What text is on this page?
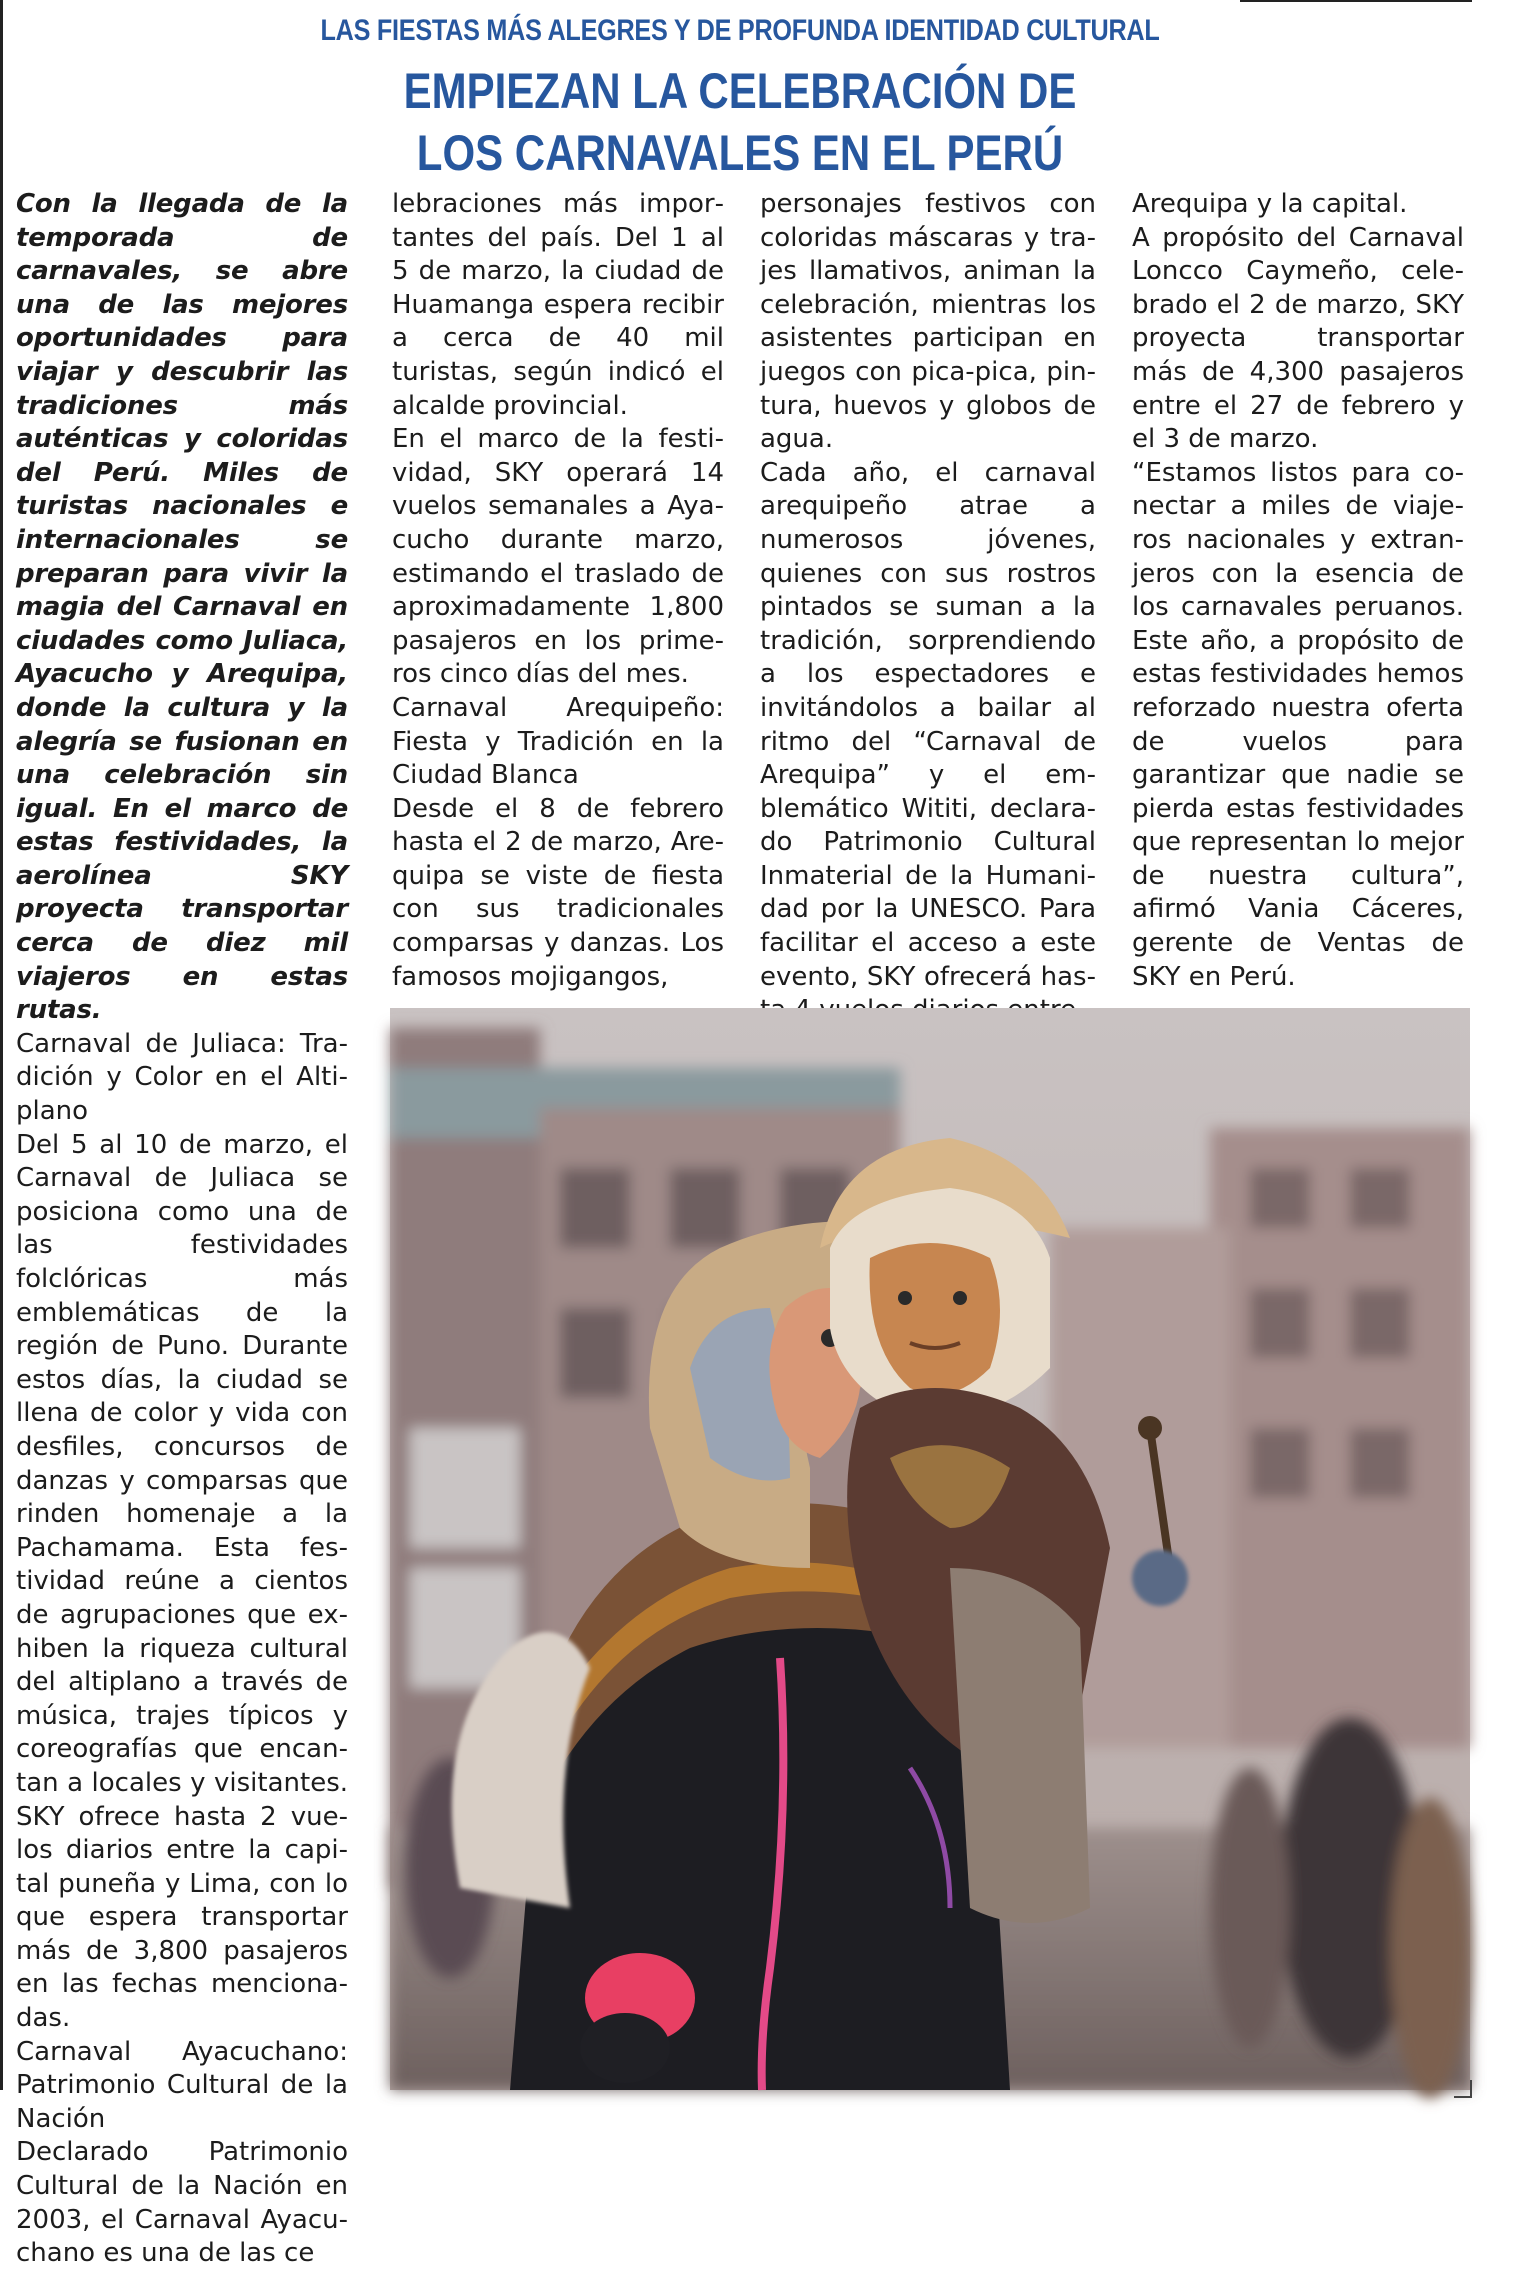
LAS FIESTAS MÁS ALEGRES Y DE PROFUNDA IDENTIDAD CULTURAL
EMPIEZAN LA CELEBRACIÓN DE
LOS CARNAVALES EN EL PERÚ

Con la llegada de la temporada de carnavales, se abre una de las mejores oportunidades para viajar y descubrir las tradiciones más auténticas y coloridas del Perú. Miles de turistas nacionales e internacionales se preparan para vivir la magia del Carnaval en ciudades como Juliaca, Ayacucho y Arequipa, donde la cultura y la alegría se fusionan en una celebración sin igual. En el marco de estas festividades, la aerolínea SKY proyecta transportar cerca de diez mil viajeros en estas rutas.

Carnaval de Juliaca: Tradición y Color en el Altiplano

Del 5 al 10 de marzo, el Carnaval de Juliaca se posiciona como una de las festividades folclóricas más emblemáticas de la región de Puno. Durante estos días, la ciudad se llena de color y vida con desfiles, concursos de danzas y comparsas que rinden homenaje a la Pachamama. Esta festividad reúne a cientos de agrupaciones que exhiben la riqueza cultural del altiplano a través de música, trajes típicos y coreografías que encantan a locales y visitantes. SKY ofrece hasta 2 vuelos diarios entre la capital puneña y Lima, con lo que espera transportar más de 3,800 pasajeros en las fechas mencionadas.

Carnaval Ayacuchano: Patrimonio Cultural de la Nación

Declarado Patrimonio Cultural de la Nación en 2003, el Carnaval Ayacuchano es una de las ce

lebraciones más importantes del país. Del 1 al 5 de marzo, la ciudad de Huamanga espera recibir a cerca de 40 mil turistas, según indicó el alcalde provincial.

En el marco de la festividad, SKY operará 14 vuelos semanales a Ayacucho durante marzo, estimando el traslado de aproximadamente 1,800 pasajeros en los primeros cinco días del mes.

Carnaval Arequipeño: Fiesta y Tradición en la Ciudad Blanca

Desde el 8 de febrero hasta el 2 de marzo, Arequipa se viste de fiesta con sus tradicionales comparsas y danzas. Los famosos mojigangos,

personajes festivos con coloridas máscaras y trajes llamativos, animan la celebración, mientras los asistentes participan en juegos con pica-pica, pintura, huevos y globos de agua.

Cada año, el carnaval arequipeño atrae a numerosos jóvenes, quienes con sus rostros pintados se suman a la tradición, sorprendiendo a los espectadores e invitándolos a bailar al ritmo del “Carnaval de Arequipa” y el emblemático Wititi, declarado Patrimonio Cultural Inmaterial de la Humanidad por la UNESCO. Para facilitar el acceso a este evento, SKY ofrecerá has

Arequipa y la capital.

A propósito del Carnaval Loncco Caymeño, celebrado el 2 de marzo, SKY proyecta transportar más de 4,300 pasajeros entre el 27 de febrero y el 3 de marzo.

“Estamos listos para conectar a miles de viajeros nacionales y extranjeros con la esencia de los carnavales peruanos. Este año, a propósito de estas festividades hemos reforzado nuestra oferta de vuelos para garantizar que nadie se pierda estas festividades que representan lo mejor de nuestra cultura”, afirmó Vania Cáceres, gerente de Ventas de SKY en Perú.
